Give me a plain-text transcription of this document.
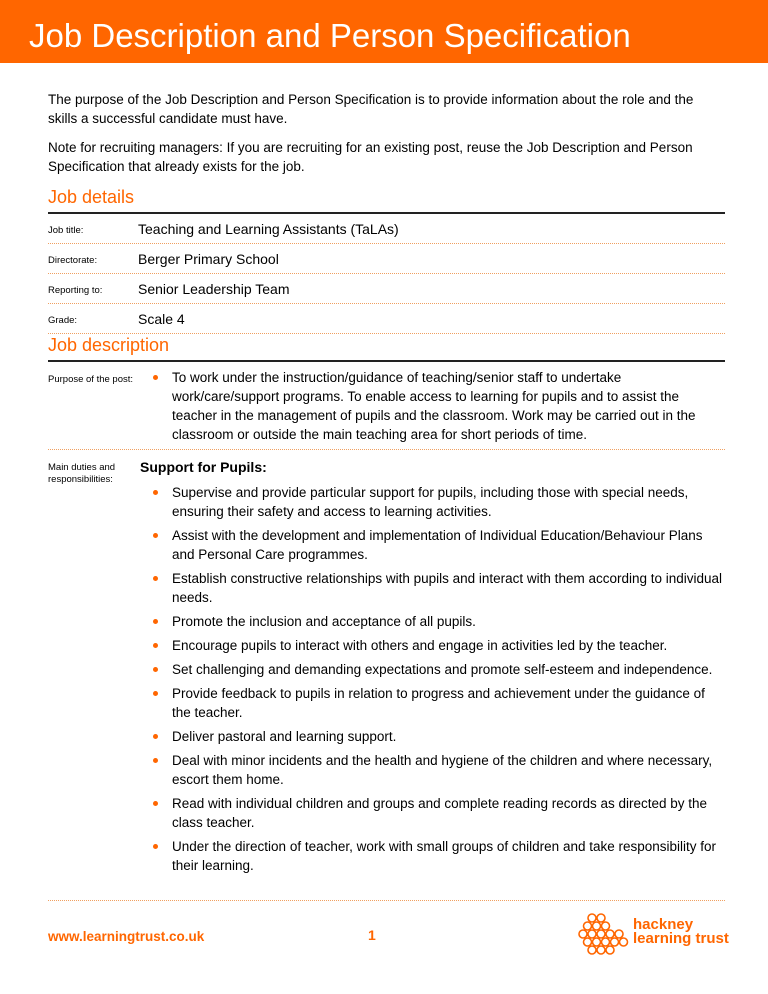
Job Description and Person Specification

The purpose of the Job Description and Person Specification is to provide information about the role and the skills a successful candidate must have.

Note for recruiting managers: If you are recruiting for an existing post, reuse the Job Description and Person Specification that already exists for the job.

Job details
Job title:	Teaching and Learning Assistants (TaLAs)
Directorate:	Berger Primary School
Reporting to:	Senior Leadership Team
Grade:	Scale 4
Job description
Purpose of the post:	To work under the instruction/guidance of teaching/senior staff to undertake work/care/support programs. To enable access to learning for pupils and to assist the teacher in the management of pupils and the classroom. Work may be carried out in the classroom or outside the main teaching area for short periods of time.
Main duties and responsibilities:
Support for Pupils:
Supervise and provide particular support for pupils, including those with special needs, ensuring their safety and access to learning activities.
Assist with the development and implementation of Individual Education/Behaviour Plans and Personal Care programmes.
Establish constructive relationships with pupils and interact with them according to individual needs.
Promote the inclusion and acceptance of all pupils.
Encourage pupils to interact with others and engage in activities led by the teacher.
Set challenging and demanding expectations and promote self-esteem and independence.
Provide feedback to pupils in relation to progress and achievement under the guidance of the teacher.
Deliver pastoral and learning support.
Deal with minor incidents and the health and hygiene of the children and where necessary, escort them home.
Read with individual children and groups and complete reading records as directed by the class teacher.
Under the direction of teacher, work with small groups of children and take responsibility for their learning.
www.learningtrust.co.uk	1
hackney
learning trust
